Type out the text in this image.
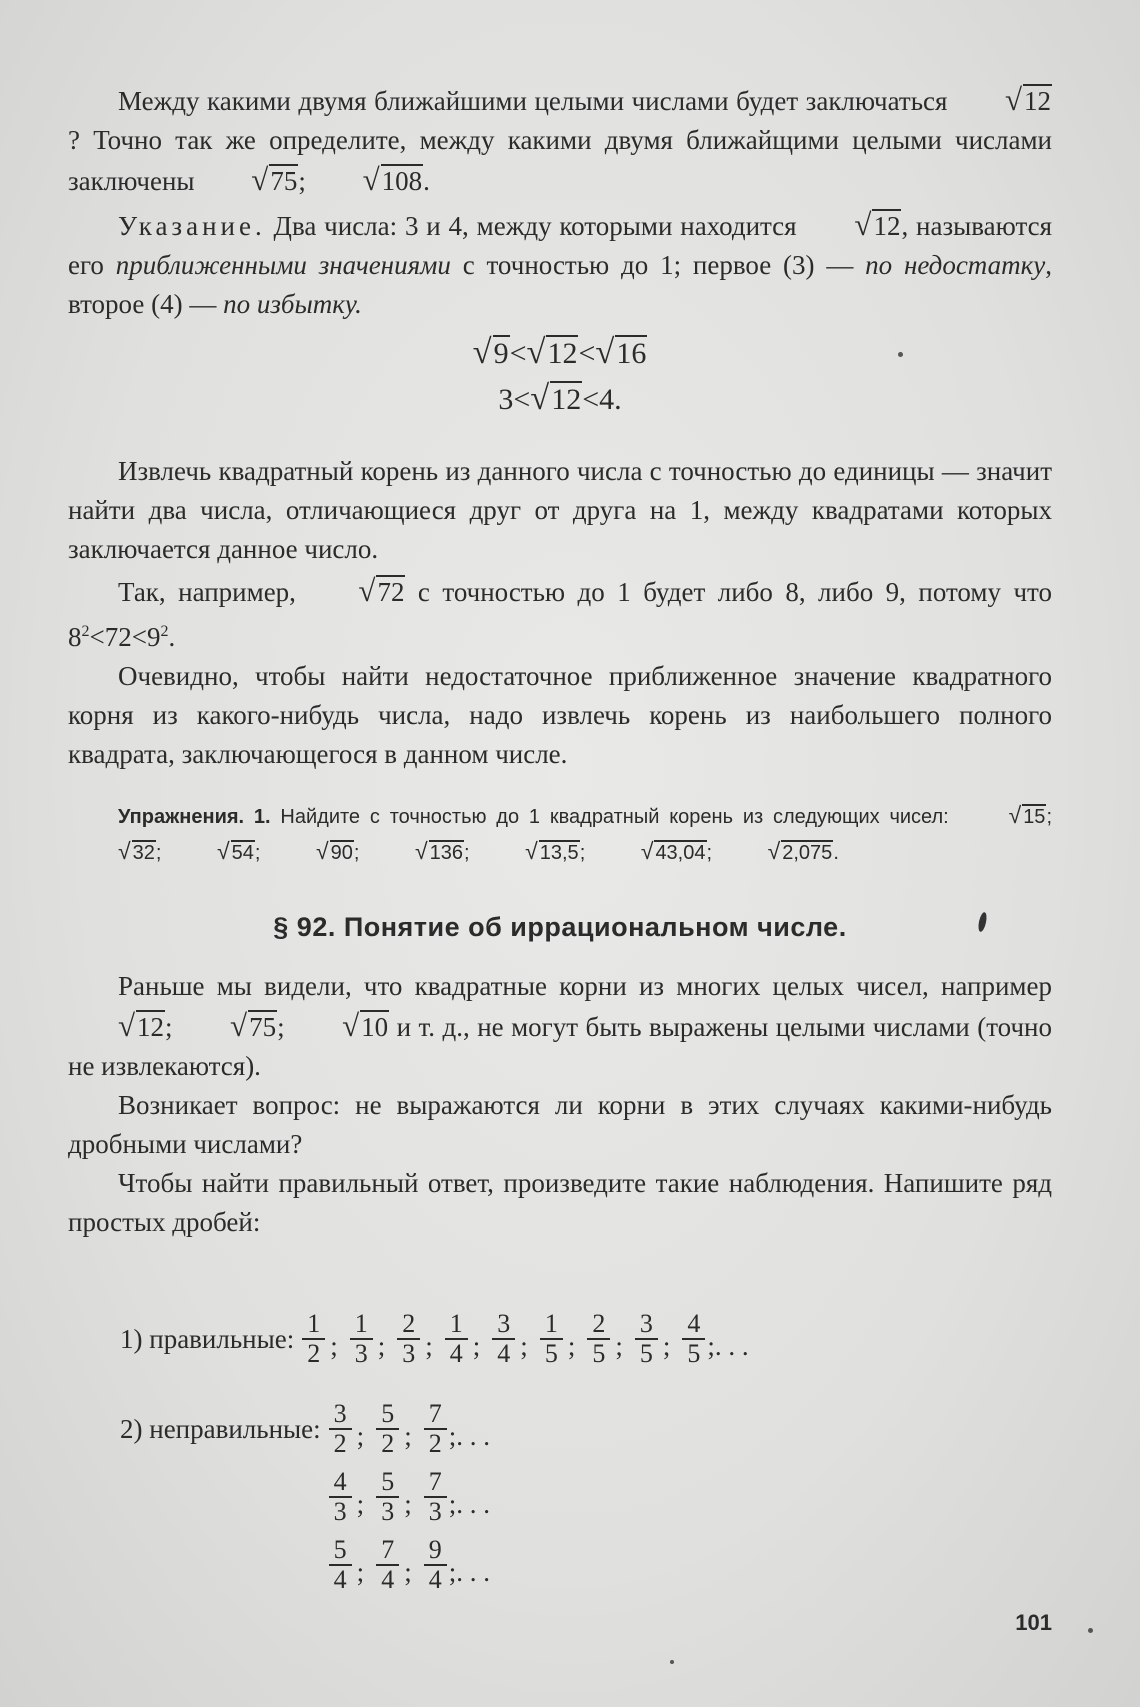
Между какими двумя ближайшими целыми числами будет заключаться √12? Точно так же определите, между какими двумя ближайщими целыми числами заключены √75; √108.

Указание. Два числа: 3 и 4, между которыми находится √12, называются его приближенными значениями с точностью до 1; первое (3) — по недостатку, второе (4) — по избытку.

√9<√12<√16

3<√12<4.

Извлечь квадратный корень из данного числа с точностью до единицы — значит найти два числа, отличающиеся друг от друга на 1, между квадратами которых заключается данное число.

Так, например, √72 с точностью до 1 будет либо 8, либо 9, потому что $8^2<72<9^2$.

Очевидно, чтобы найти недостаточное приближенное значение квадратного корня из какого-нибудь числа, надо извлечь корень из наибольшего полного квадрата, заключающегося в данном числе.

Упражнения. 1. Найдите с точностью до 1 квадратный корень из следующих чисел: √ 15; √ 32; √ 54; √ 90; √ 136; √ 13,5; √ 43,04; √ 2,075.

§ 92. Понятие об иррациональном числе.

Раньше мы видели, что квадратные корни из многих целых чисел, например √12; √75; √10 и т. д., не могут быть выражены целыми числами (точно не извлекаются).

Возникает вопрос: не выражаются ли корни в этих случаях какими-нибудь дробными числами?

Чтобы найти правильный ответ, произведите такие наблюдения. Напишите ряд простых дробей:

1) правильные: $\frac{1}{2}$ ; $\frac{1}{3}$ ; $\frac{2}{3}$ ; $\frac{1}{4}$ ; $\frac{3}{4}$ ; $\frac{1}{5}$ ; $\frac{2}{5}$ ; $\frac{3}{5}$ ; $\frac{4}{5}$ ;. . .
2) неправильные: $\frac{3}{2}$ ; $\frac{5}{2}$ ; $\frac{7}{2}$ ;. . .
$\frac{4}{3}$ ; $\frac{5}{3}$ ; $\frac{7}{3}$ ;. . .
$\frac{5}{4}$ ; $\frac{7}{4}$ ; $\frac{9}{4}$ ;. . .
101
